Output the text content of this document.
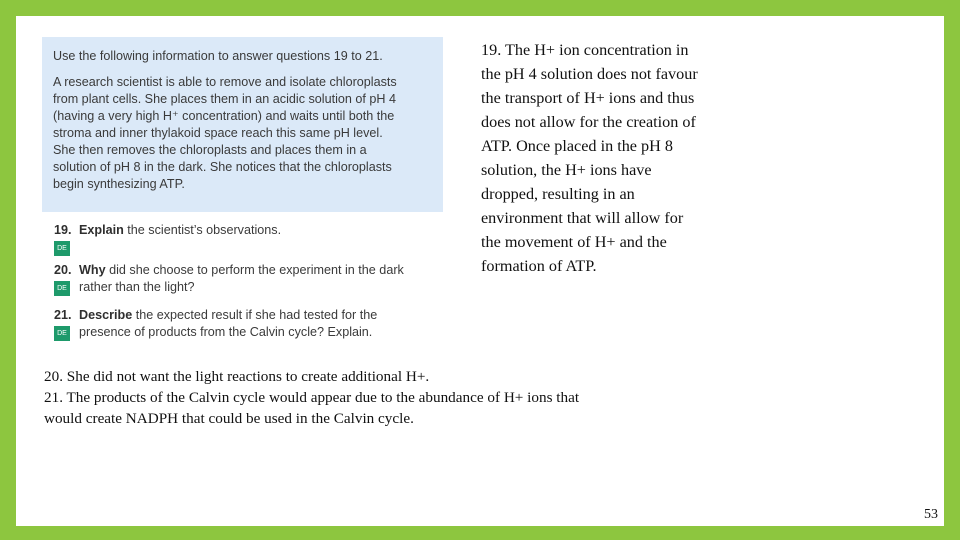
Use the following information to answer questions 19 to 21.

A research scientist is able to remove and isolate chloroplasts

from plant cells. She places them in an acidic solution of pH 4

(having a very high H⁺ concentration) and waits until both the

stroma and inner thylakoid space reach this same pH level.

She then removes the chloroplasts and places them in a

solution of pH 8 in the dark. She notices that the chloroplasts

begin synthesizing ATP.

19.
DE
Explain the scientist’s observations.
20.
DE
Why did she choose to perform the experiment in the dark
rather than the light?
21.
DE
Describe the expected result if she had tested for the
presence of products from the Calvin cycle? Explain.
19. The H+ ion concentration in
the pH 4 solution does not favour
the transport of H+ ions and thus
does not allow for the creation of
ATP. Once placed in the pH 8
solution, the H+ ions have
dropped, resulting in an
environment that will allow for
the movement of H+ and the
formation of ATP.

20. She did not want the light reactions to create additional H+.

21. The products of the Calvin cycle would appear due to the abundance of H+ ions that

would create NADPH that could be used in the Calvin cycle.

53
